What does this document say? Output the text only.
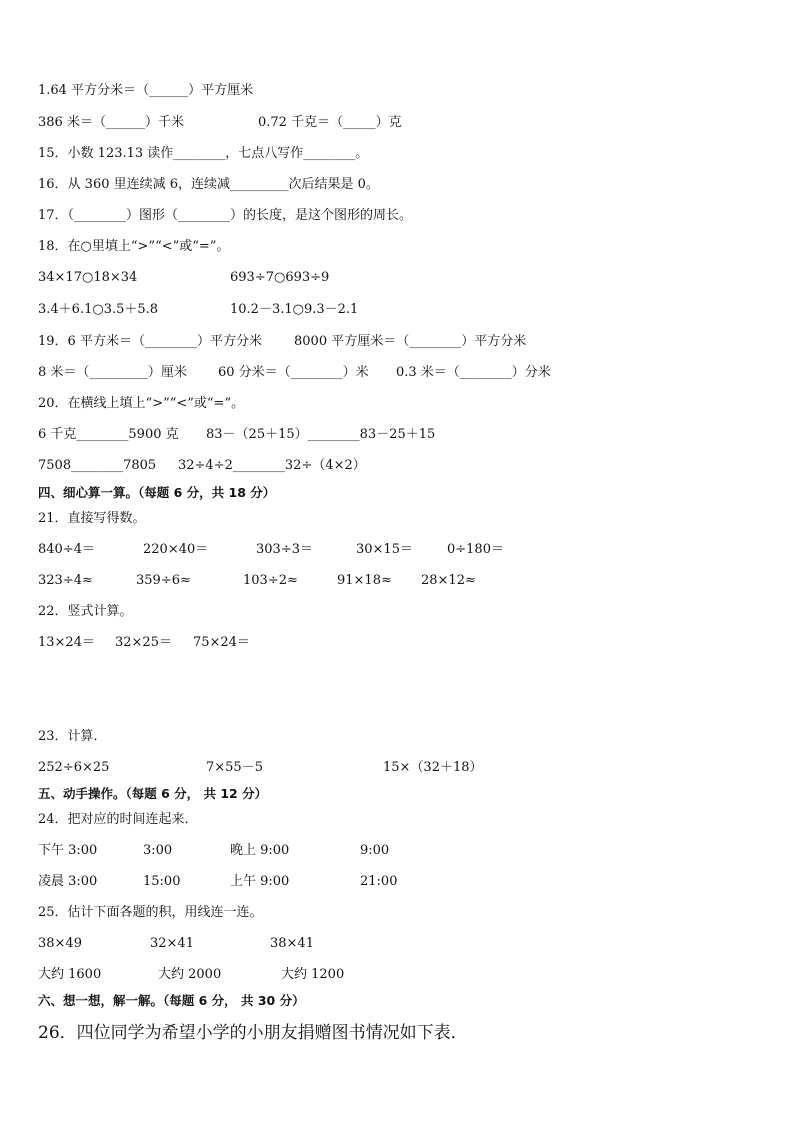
1.64 平方分米＝（______）平方厘米
386 米＝（______）千米	0.72 千克＝（_____）克
15．小数 123.13 读作________，七点八写作________。
16．从 360 里连续减 6，连续减_________次后结果是 0。
17．（________）图形（________）的长度，是这个图形的周长。
18．在○里填上“>”“<”或“=”。
34×17○18×34	693÷7○693÷9
3.4＋6.1○3.5＋5.8	10.2－3.1○9.3－2.1
19．6 平方米＝（________）平方分米 8000 平方厘米＝（________）平方分米
8 米＝（_________）厘米 60 分米＝（________）米 0.3 米＝（________）分米
20．在横线上填上“>”“<”或“=”。
6 千克________5900 克 83－（25＋15）________83－25＋15
7508________7805 32÷4÷2________32÷（4×2）
四、细心算一算。（每题 6 分，共 18 分）
21．直接写得数。
840÷4＝	220×40＝	303÷3＝	30×15＝	0÷180＝
323÷4≈	359÷6≈	103÷2≈	91×18≈ 28×12≈
22．竖式计算。
13×24＝ 32×25＝ 75×24＝
23．计算．
252÷6×25	7×55－5	15×（32＋18）
五、动手操作。（每题 6 分， 共 12 分）
24．把对应的时间连起来．
下午 3:00	3:00	晚上 9:00	9:00
凌晨 3:00	15:00	上午 9:00	21:00
25．估计下面各题的积，用线连一连。
38×49	32×41	38×41
大约 1600	大约 2000	大约 1200
六、想一想，解一解。（每题 6 分， 共 30 分）
26．四位同学为希望小学的小朋友捐赠图书情况如下表．
